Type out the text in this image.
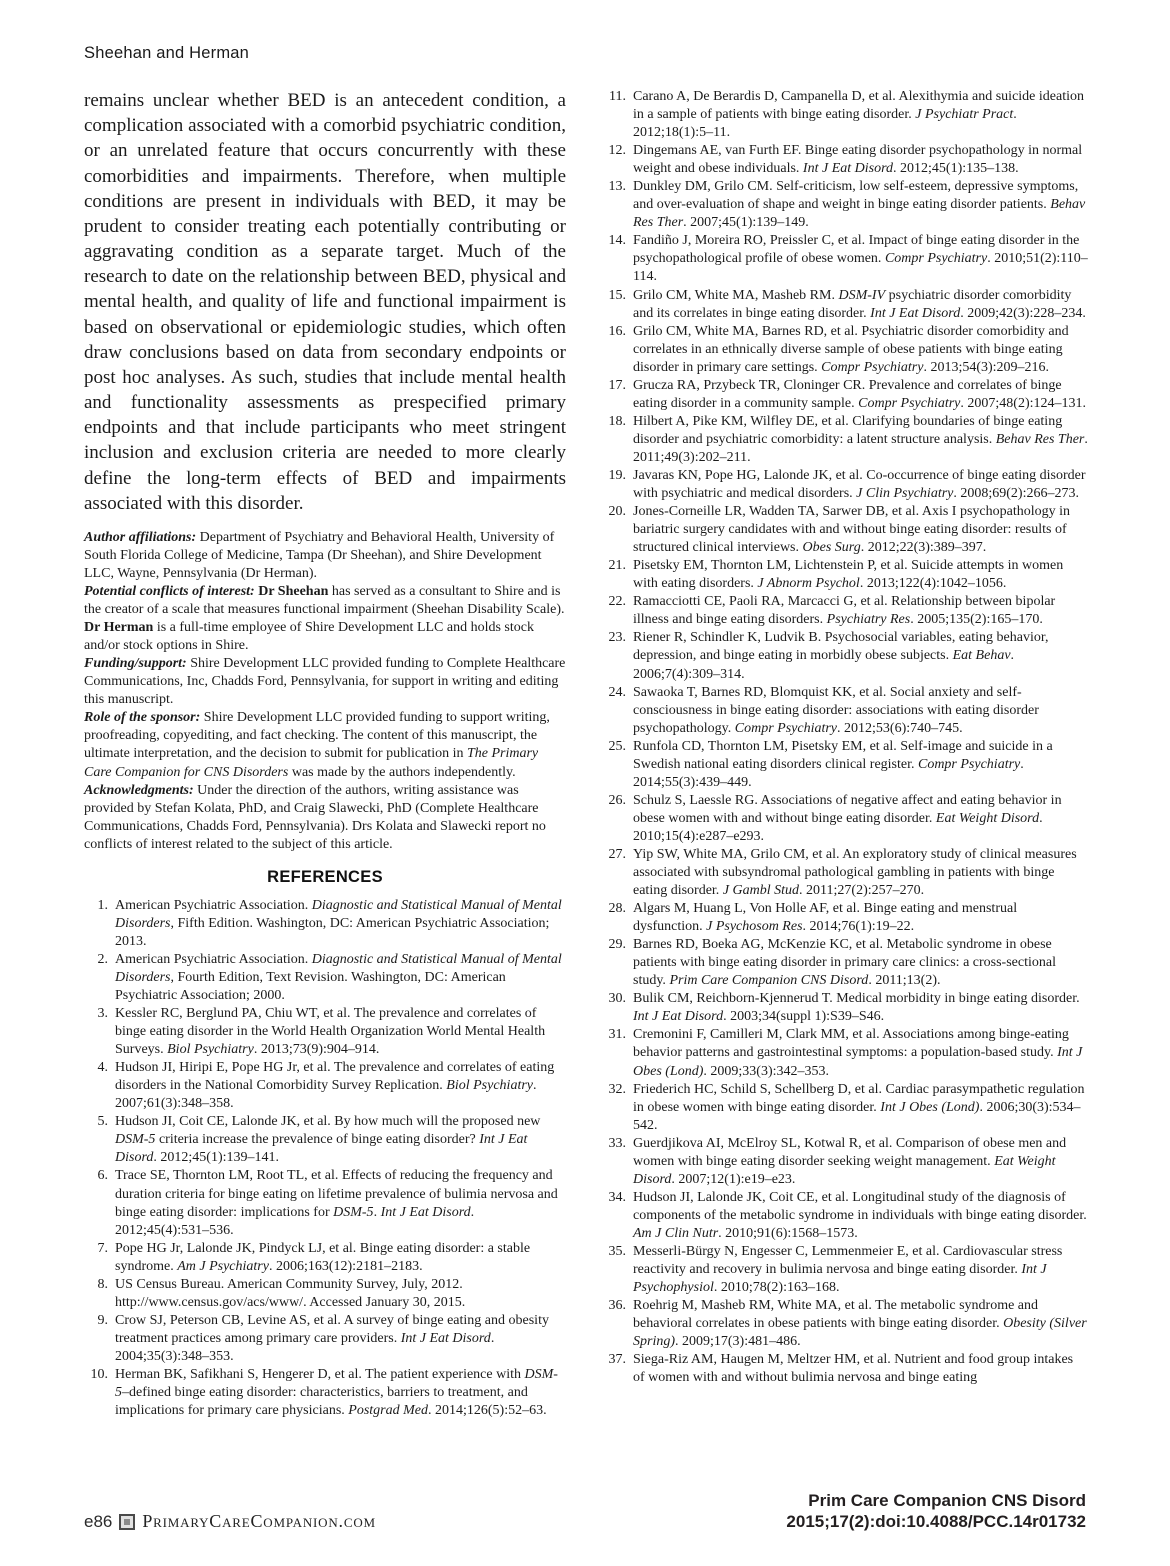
Sheehan and Herman

remains unclear whether BED is an antecedent condition, a complication associated with a comorbid psychiatric condition, or an unrelated feature that occurs concurrently with these comorbidities and impairments. Therefore, when multiple conditions are present in individuals with BED, it may be prudent to consider treating each potentially contributing or aggravating condition as a separate target. Much of the research to date on the relationship between BED, physical and mental health, and quality of life and functional impairment is based on observational or epidemiologic studies, which often draw conclusions based on data from secondary endpoints or post hoc analyses. As such, studies that include mental health and functionality assessments as prespecified primary endpoints and that include participants who meet stringent inclusion and exclusion criteria are needed to more clearly define the long-term effects of BED and impairments associated with this disorder.

Author affiliations: Department of Psychiatry and Behavioral Health, University of South Florida College of Medicine, Tampa (Dr Sheehan), and Shire Development LLC, Wayne, Pennsylvania (Dr Herman).

Potential conflicts of interest: Dr Sheehan has served as a consultant to Shire and is the creator of a scale that measures functional impairment (Sheehan Disability Scale). Dr Herman is a full-time employee of Shire Development LLC and holds stock and/or stock options in Shire.

Funding/support: Shire Development LLC provided funding to Complete Healthcare Communications, Inc, Chadds Ford, Pennsylvania, for support in writing and editing this manuscript.

Role of the sponsor: Shire Development LLC provided funding to support writing, proofreading, copyediting, and fact checking. The content of this manuscript, the ultimate interpretation, and the decision to submit for publication in The Primary Care Companion for CNS Disorders was made by the authors independently.

Acknowledgments: Under the direction of the authors, writing assistance was provided by Stefan Kolata, PhD, and Craig Slawecki, PhD (Complete Healthcare Communications, Chadds Ford, Pennsylvania). Drs Kolata and Slawecki report no conflicts of interest related to the subject of this article.

REFERENCES
1. American Psychiatric Association. Diagnostic and Statistical Manual of Mental Disorders, Fifth Edition. Washington, DC: American Psychiatric Association; 2013.
2. American Psychiatric Association. Diagnostic and Statistical Manual of Mental Disorders, Fourth Edition, Text Revision. Washington, DC: American Psychiatric Association; 2000.
3. Kessler RC, Berglund PA, Chiu WT, et al. The prevalence and correlates of binge eating disorder in the World Health Organization World Mental Health Surveys. Biol Psychiatry. 2013;73(9):904–914.
4. Hudson JI, Hiripi E, Pope HG Jr, et al. The prevalence and correlates of eating disorders in the National Comorbidity Survey Replication. Biol Psychiatry. 2007;61(3):348–358.
5. Hudson JI, Coit CE, Lalonde JK, et al. By how much will the proposed new DSM-5 criteria increase the prevalence of binge eating disorder? Int J Eat Disord. 2012;45(1):139–141.
6. Trace SE, Thornton LM, Root TL, et al. Effects of reducing the frequency and duration criteria for binge eating on lifetime prevalence of bulimia nervosa and binge eating disorder: implications for DSM-5. Int J Eat Disord. 2012;45(4):531–536.
7. Pope HG Jr, Lalonde JK, Pindyck LJ, et al. Binge eating disorder: a stable syndrome. Am J Psychiatry. 2006;163(12):2181–2183.
8. US Census Bureau. American Community Survey, July, 2012. http://www.census.gov/acs/www/. Accessed January 30, 2015.
9. Crow SJ, Peterson CB, Levine AS, et al. A survey of binge eating and obesity treatment practices among primary care providers. Int J Eat Disord. 2004;35(3):348–353.
10. Herman BK, Safikhani S, Hengerer D, et al. The patient experience with DSM-5–defined binge eating disorder: characteristics, barriers to treatment, and implications for primary care physicians. Postgrad Med. 2014;126(5):52–63.
11. Carano A, De Berardis D, Campanella D, et al. Alexithymia and suicide ideation in a sample of patients with binge eating disorder. J Psychiatr Pract. 2012;18(1):5–11.
12. Dingemans AE, van Furth EF. Binge eating disorder psychopathology in normal weight and obese individuals. Int J Eat Disord. 2012;45(1):135–138.
13. Dunkley DM, Grilo CM. Self-criticism, low self-esteem, depressive symptoms, and over-evaluation of shape and weight in binge eating disorder patients. Behav Res Ther. 2007;45(1):139–149.
14. Fandiño J, Moreira RO, Preissler C, et al. Impact of binge eating disorder in the psychopathological profile of obese women. Compr Psychiatry. 2010;51(2):110–114.
15. Grilo CM, White MA, Masheb RM. DSM-IV psychiatric disorder comorbidity and its correlates in binge eating disorder. Int J Eat Disord. 2009;42(3):228–234.
16. Grilo CM, White MA, Barnes RD, et al. Psychiatric disorder comorbidity and correlates in an ethnically diverse sample of obese patients with binge eating disorder in primary care settings. Compr Psychiatry. 2013;54(3):209–216.
17. Grucza RA, Przybeck TR, Cloninger CR. Prevalence and correlates of binge eating disorder in a community sample. Compr Psychiatry. 2007;48(2):124–131.
18. Hilbert A, Pike KM, Wilfley DE, et al. Clarifying boundaries of binge eating disorder and psychiatric comorbidity: a latent structure analysis. Behav Res Ther. 2011;49(3):202–211.
19. Javaras KN, Pope HG, Lalonde JK, et al. Co-occurrence of binge eating disorder with psychiatric and medical disorders. J Clin Psychiatry. 2008;69(2):266–273.
20. Jones-Corneille LR, Wadden TA, Sarwer DB, et al. Axis I psychopathology in bariatric surgery candidates with and without binge eating disorder: results of structured clinical interviews. Obes Surg. 2012;22(3):389–397.
21. Pisetsky EM, Thornton LM, Lichtenstein P, et al. Suicide attempts in women with eating disorders. J Abnorm Psychol. 2013;122(4):1042–1056.
22. Ramacciotti CE, Paoli RA, Marcacci G, et al. Relationship between bipolar illness and binge eating disorders. Psychiatry Res. 2005;135(2):165–170.
23. Riener R, Schindler K, Ludvik B. Psychosocial variables, eating behavior, depression, and binge eating in morbidly obese subjects. Eat Behav. 2006;7(4):309–314.
24. Sawaoka T, Barnes RD, Blomquist KK, et al. Social anxiety and self-consciousness in binge eating disorder: associations with eating disorder psychopathology. Compr Psychiatry. 2012;53(6):740–745.
25. Runfola CD, Thornton LM, Pisetsky EM, et al. Self-image and suicide in a Swedish national eating disorders clinical register. Compr Psychiatry. 2014;55(3):439–449.
26. Schulz S, Laessle RG. Associations of negative affect and eating behavior in obese women with and without binge eating disorder. Eat Weight Disord. 2010;15(4):e287–e293.
27. Yip SW, White MA, Grilo CM, et al. An exploratory study of clinical measures associated with subsyndromal pathological gambling in patients with binge eating disorder. J Gambl Stud. 2011;27(2):257–270.
28. Algars M, Huang L, Von Holle AF, et al. Binge eating and menstrual dysfunction. J Psychosom Res. 2014;76(1):19–22.
29. Barnes RD, Boeka AG, McKenzie KC, et al. Metabolic syndrome in obese patients with binge eating disorder in primary care clinics: a cross-sectional study. Prim Care Companion CNS Disord. 2011;13(2).
30. Bulik CM, Reichborn-Kjennerud T. Medical morbidity in binge eating disorder. Int J Eat Disord. 2003;34(suppl 1):S39–S46.
31. Cremonini F, Camilleri M, Clark MM, et al. Associations among binge-eating behavior patterns and gastrointestinal symptoms: a population-based study. Int J Obes (Lond). 2009;33(3):342–353.
32. Friederich HC, Schild S, Schellberg D, et al. Cardiac parasympathetic regulation in obese women with binge eating disorder. Int J Obes (Lond). 2006;30(3):534–542.
33. Guerdjikova AI, McElroy SL, Kotwal R, et al. Comparison of obese men and women with binge eating disorder seeking weight management. Eat Weight Disord. 2007;12(1):e19–e23.
34. Hudson JI, Lalonde JK, Coit CE, et al. Longitudinal study of the diagnosis of components of the metabolic syndrome in individuals with binge eating disorder. Am J Clin Nutr. 2010;91(6):1568–1573.
35. Messerli-Bürgy N, Engesser C, Lemmenmeier E, et al. Cardiovascular stress reactivity and recovery in bulimia nervosa and binge eating disorder. Int J Psychophysiol. 2010;78(2):163–168.
36. Roehrig M, Masheb RM, White MA, et al. The metabolic syndrome and behavioral correlates in obese patients with binge eating disorder. Obesity (Silver Spring). 2009;17(3):481–486.
37. Siega-Riz AM, Haugen M, Meltzer HM, et al. Nutrient and food group intakes of women with and without bulimia nervosa and binge eating
e86 PrimaryCareCompanion.com
Prim Care Companion CNS Disord
2015;17(2):doi:10.4088/PCC.14r01732
